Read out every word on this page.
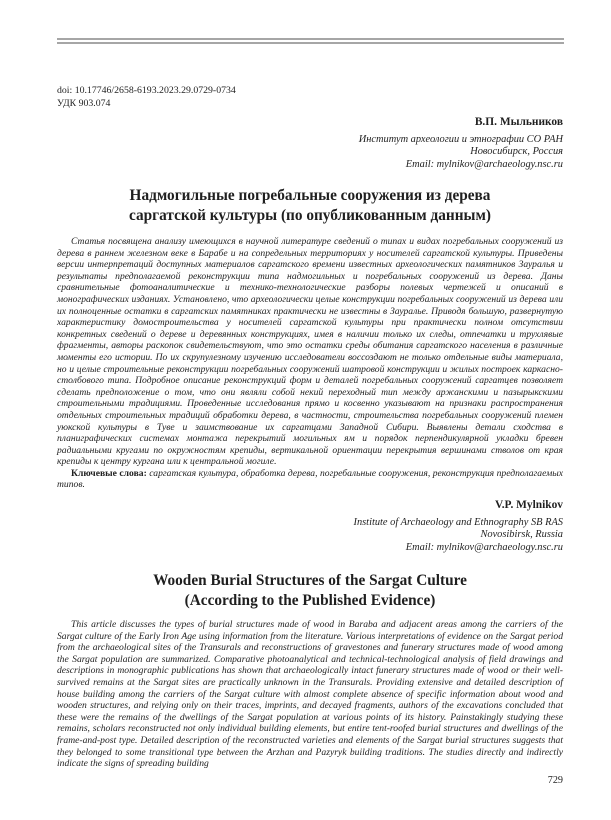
doi: 10.17746/2658-6193.2023.29.0729-0734
УДК 903.074
В.П. Мыльников
Институт археологии и этнографии СО РАН
Новосибирск, Россия
Email: mylnikov@archaeology.nsc.ru
Надмогильные погребальные сооружения из дерева
саргатской культуры (по опубликованным данным)

Статья посвящена анализу имеющихся в научной литературе сведений о типах и видах погребальных сооружений из дерева в раннем железном веке в Барабе и на сопредельных территориях у носителей саргатской культуры. Приведены версии интерпретаций доступных материалов саргатского времени известных археологических памятников Зауралья и результаты предполагаемой реконструкции типа надмогильных и погребальных сооружений из дерева. Даны сравнительные фотоаналитические и технико-технологические разборы полевых чертежей и описаний в монографических изданиях. Установлено, что археологически целые конструкции погребальных сооружений из дерева или их полноценные остатки в саргатских памятниках практически не известны в Зауралье. Приводя большую, развернутую характеристику домостроительства у носителей саргатской культуры при практически полном отсутствии конкретных сведений о дереве и деревянных конструкциях, имея в наличии только их следы, отпечатки и трухлявые фрагменты, авторы раскопок свидетельствуют, что это остатки среды обитания саргатского населения в различные моменты его истории. По их скрупулезному изучению исследователи воссоздают не только отдельные виды материала, но и целые строительные реконструкции погребальных сооружений шатровой конструкции и жилых построек каркасно-столбового типа. Подробное описание реконструкций форм и деталей погребальных сооружений саргатцев позволяет сделать предположение о том, что они являли собой некий переходный тип между аржанскими и пазырыкскими строительными традициями. Проведенные исследования прямо и косвенно указывают на признаки распространения отдельных строительных традиций обработки дерева, в частности, строительства погребальных сооружений племен уюкской культуры в Туве и заимствование их саргатцами Западной Сибири. Выявлены детали сходства в планиграфических системах монтажа перекрытий могильных ям и порядок перпендикулярной укладки бревен радиальными кругами по окружностям крепиды, вертикальной ориентации перекрытия вершинами стволов от края крепиды к центру кургана или к центральной могиле.

Ключевые слова: саргатская культура, обработка дерева, погребальные сооружения, реконструкция предполагаемых типов.

V.P. Mylnikov
Institute of Archaeology and Ethnography SB RAS
Novosibirsk, Russia
Email: mylnikov@archaeology.nsc.ru
Wooden Burial Structures of the Sargat Culture
(According to the Published Evidence)

This article discusses the types of burial structures made of wood in Baraba and adjacent areas among the carriers of the Sargat culture of the Early Iron Age using information from the literature. Various interpretations of evidence on the Sargat period from the archaeological sites of the Transurals and reconstructions of gravestones and funerary structures made of wood among the Sargat population are summarized. Comparative photoanalytical and technical-technological analysis of field drawings and descriptions in monographic publications has shown that archaeologically intact funerary structures made of wood or their well-survived remains at the Sargat sites are practically unknown in the Transurals. Providing extensive and detailed description of house building among the carriers of the Sargat culture with almost complete absence of specific information about wood and wooden structures, and relying only on their traces, imprints, and decayed fragments, authors of the excavations concluded that these were the remains of the dwellings of the Sargat population at various points of its history. Painstakingly studying these remains, scholars reconstructed not only individual building elements, but entire tent-roofed burial structures and dwellings of the frame-and-post type. Detailed description of the reconstructed varieties and elements of the Sargat burial structures suggests that they belonged to some transitional type between the Arzhan and Pazyryk building traditions. The studies directly and indirectly indicate the signs of spreading building

729
